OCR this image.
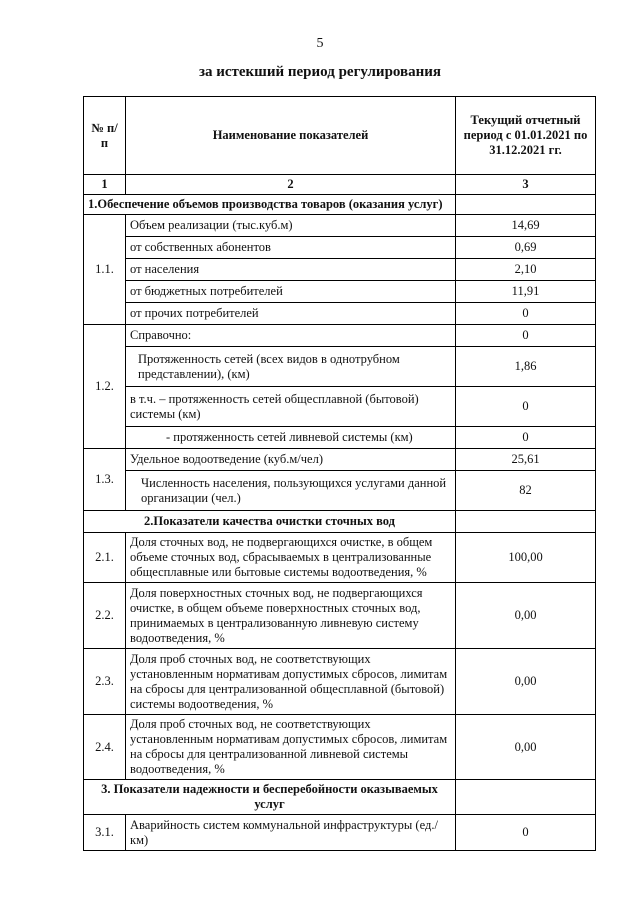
5
за истекший период регулирования
№ п/п	Наименование показателей	Текущий отчетный период с 01.01.2021 по 31.12.2021 гг.
1	2	3
1.Обеспечение объемов производства товаров (оказания услуг)		
1.1.	Объем реализации (тыс.куб.м)	14,69
	от собственных абонентов	0,69
	от населения	2,10
	от бюджетных потребителей	11,91
	от прочих потребителей	0
1.2.	Справочно:	0
	Протяженность сетей (всех видов в однотрубном представлении), (км)	1,86
	в т.ч. – протяженность сетей общесплавной (бытовой) системы (км)	0
	- протяженность сетей ливневой системы (км)	0
1.3.	Удельное водоотведение (куб.м/чел)	25,61
	Численность населения, пользующихся услугами данной организации (чел.)	82
2.Показатели качества очистки сточных вод		
2.1.	Доля сточных вод, не подвергающихся очистке, в общем объеме сточных вод, сбрасываемых в централизованные общесплавные или бытовые системы водоотведения, %	100,00
2.2.	Доля поверхностных сточных вод, не подвергающихся очистке, в общем объеме поверхностных сточных вод, принимаемых в централизованную ливневую систему водоотведения, %	0,00
2.3.	Доля проб сточных вод, не соответствующих установленным нормативам допустимых сбросов, лимитам на сбросы для централизованной общесплавной (бытовой) системы водоотведения, %	0,00
2.4.	Доля проб сточных вод, не соответствующих установленным нормативам допустимых сбросов, лимитам на сбросы для централизованной ливневой системы водоотведения, %	0,00
3. Показатели надежности и бесперебойности оказываемых услуг		
3.1.	Аварийность систем коммунальной инфраструктуры (ед./км)	0
